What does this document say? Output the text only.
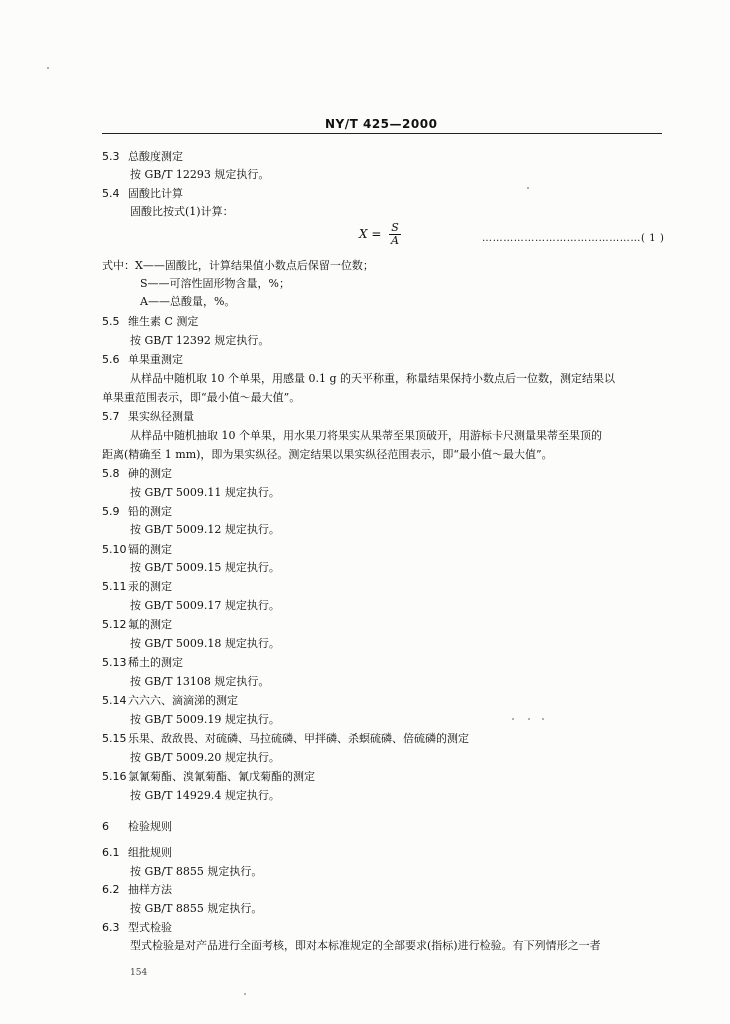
NY/T 425—2000
5.3 总酸度测定
按 GB/T 12293 规定执行。
5.4 固酸比计算
固酸比按式(1)计算：
$X = \frac{S}{A}$	………………………………………( 1 )
式中：X——固酸比，计算结果值小数点后保留一位数；
S——可溶性固形物含量，%；
A——总酸量，%。
5.5 维生素 C 测定
按 GB/T 12392 规定执行。
5.6 单果重测定
从样品中随机取 10 个单果，用感量 0.1 g 的天平称重，称量结果保持小数点后一位数，测定结果以
单果重范围表示，即“最小值～最大值”。
5.7 果实纵径测量
从样品中随机抽取 10 个单果，用水果刀将果实从果蒂至果顶破开，用游标卡尺测量果蒂至果顶的
距离(精确至 1 mm)，即为果实纵径。测定结果以果实纵径范围表示，即“最小值～最大值”。
5.8 砷的测定
按 GB/T 5009.11 规定执行。
5.9 铅的测定
按 GB/T 5009.12 规定执行。
5.10 镉的测定
按 GB/T 5009.15 规定执行。
5.11 汞的测定
按 GB/T 5009.17 规定执行。
5.12 氟的测定
按 GB/T 5009.18 规定执行。
5.13 稀土的测定
按 GB/T 13108 规定执行。
5.14 六六六、滴滴涕的测定
按 GB/T 5009.19 规定执行。
5.15 乐果、敌敌畏、对硫磷、马拉硫磷、甲拌磷、杀螟硫磷、倍硫磷的测定
按 GB/T 5009.20 规定执行。
5.16 氯氰菊酯、溴氰菊酯、氰戊菊酯的测定
按 GB/T 14929.4 规定执行。
6 检验规则
6.1 组批规则
按 GB/T 8855 规定执行。
6.2 抽样方法
按 GB/T 8855 规定执行。
6.3 型式检验
型式检验是对产品进行全面考核，即对本标准规定的全部要求(指标)进行检验。有下列情形之一者
154
